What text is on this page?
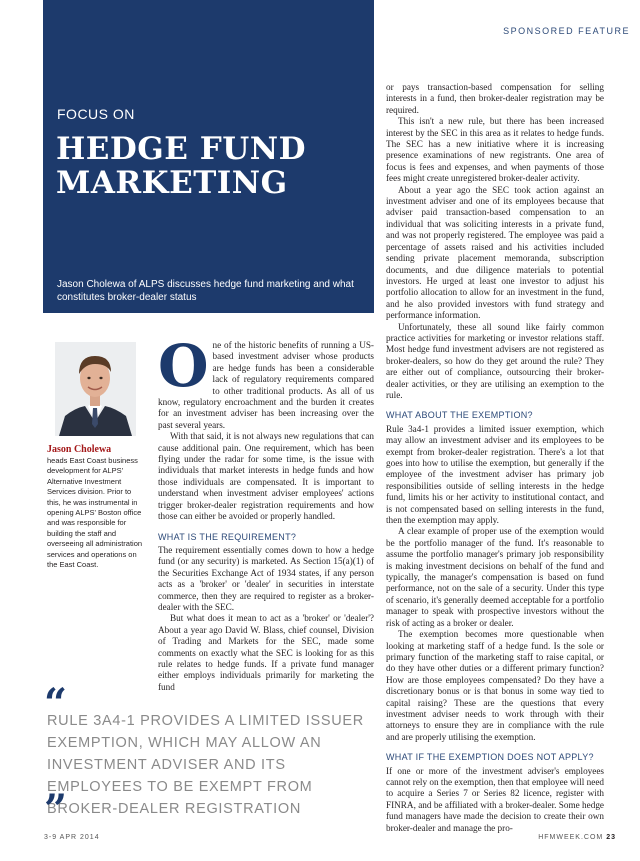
SPONSORED FEATURE
FOCUS ON
HEDGE FUND
MARKETING
Jason Cholewa of ALPS discusses hedge fund marketing and what constitutes broker-dealer status
Jason Cholewa
heads East Coast business development for ALPS' Alternative Investment Services division. Prior to this, he was instrumental in opening ALPS' Boston office and was responsible for building the staff and overseeing all administration services and operations on the East Coast.
O ne of the historic benefits of running a US-based investment adviser whose products are hedge funds has been a considerable lack of regulatory requirements compared to other traditional products. As all of us know, regulatory encroachment and the burden it creates for an investment adviser has been increasing over the past several years.

With that said, it is not always new regulations that can cause additional pain. One requirement, which has been flying under the radar for some time, is the issue with individuals that market interests in hedge funds and how those individuals are compensated. It is important to understand when investment adviser employees' actions trigger broker-dealer registration requirements and how those can either be avoided or properly handled.

WHAT IS THE REQUIREMENT?

The requirement essentially comes down to how a hedge fund (or any security) is marketed. As Section 15(a)(1) of the Securities Exchange Act of 1934 states, if any person acts as a 'broker' or 'dealer' in securities in interstate commerce, then they are required to register as a broker-dealer with the SEC.

But what does it mean to act as a 'broker' or 'dealer'? About a year ago David W. Blass, chief counsel, Division of Trading and Markets for the SEC, made some comments on exactly what the SEC is looking for as this rule relates to hedge funds. If a private fund manager either employs individuals primarily for marketing the fund

or pays transaction-based compensation for selling interests in a fund, then broker-dealer registration may be required.

This isn't a new rule, but there has been increased interest by the SEC in this area as it relates to hedge funds. The SEC has a new initiative where it is increasing presence examinations of new registrants. One area of focus is fees and expenses, and when payments of those fees might create unregistered broker-dealer activity.

About a year ago the SEC took action against an investment adviser and one of its employees because that adviser paid transaction-based compensation to an individual that was soliciting interests in a private fund, and was not properly registered. The employee was paid a percentage of assets raised and his activities included sending private placement memoranda, subscription documents, and due diligence materials to potential investors. He urged at least one investor to adjust his portfolio allocation to allow for an investment in the fund, and he also provided investors with fund strategy and performance information.

Unfortunately, these all sound like fairly common practice activities for marketing or investor relations staff. Most hedge fund investment advisers are not registered as broker-dealers, so how do they get around the rule? They are either out of compliance, outsourcing their broker-dealer activities, or they are utilising an exemption to the rule.

WHAT ABOUT THE EXEMPTION?

Rule 3a4-1 provides a limited issuer exemption, which may allow an investment adviser and its employees to be exempt from broker-dealer registration. There's a lot that goes into how to utilise the exemption, but generally if the employee of the investment adviser has primary job responsibilities outside of selling interests in the hedge fund, limits his or her activity to institutional contact, and is not compensated based on selling interests in the fund, then the exemption may apply.

A clear example of proper use of the exemption would be the portfolio manager of the fund. It's reasonable to assume the portfolio manager's primary job responsibility is making investment decisions on behalf of the fund and typically, the manager's compensation is based on fund performance, not on the sale of a security. Under this type of scenario, it's generally deemed acceptable for a portfolio manager to speak with prospective investors without the risk of acting as a broker or dealer.

The exemption becomes more questionable when looking at marketing staff of a hedge fund. Is the sole or primary function of the marketing staff to raise capital, or do they have other duties or a different primary function? How are those employees compensated? Do they have a discretionary bonus or is that bonus in some way tied to capital raising? These are the questions that every investment adviser needs to work through with their attorneys to ensure they are in compliance with the rule and are properly utilising the exemption.

WHAT IF THE EXEMPTION DOES NOT APPLY?

If one or more of the investment adviser's employees cannot rely on the exemption, then that employee will need to acquire a Series 7 or Series 82 licence, register with FINRA, and be affiliated with a broker-dealer. Some hedge fund managers have made the decision to create their own broker-dealer and manage the pro-

“
RULE 3A4-1 PROVIDES A LIMITED ISSUER EXEMPTION, WHICH MAY ALLOW AN INVESTMENT ADVISER AND ITS EMPLOYEES TO BE EXEMPT FROM BROKER-DEALER REGISTRATION
”
3-9 APR 2014	HFMWEEK.COM 23
